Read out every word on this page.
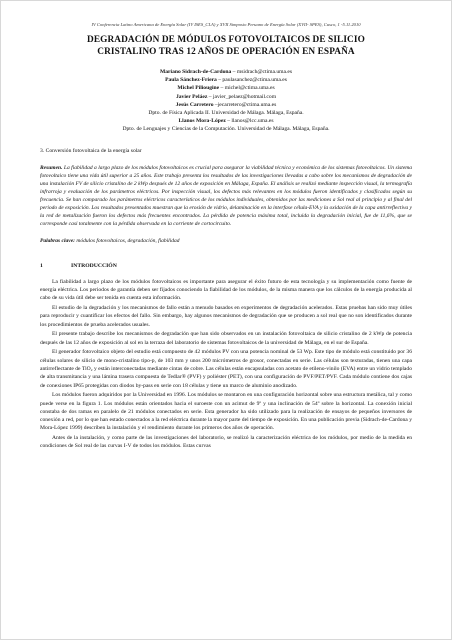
IV Conferencia Latino Americana de Energía Solar (IV ISES_CLA) y XVII Simposio Peruano de Energía Solar (XVII- SPES), Cusco, 1 -5.11.2010
DEGRADACIÓN DE MÓDULOS FOTOVOLTAICOS DE SILICIO
CRISTALINO TRAS 12 AÑOS DE OPERACIÓN EN ESPAÑA
Mariano Sidrach-de-Cardona – msidrach@ctima.uma.es
Paula Sánchez-Friera – paulasanchez@ctima.uma.es
Michel Piliougine – michel@ctima.uma.es
Javier Peláez – javier_pelaez@hotmail.com
Jesús Carretero –jecarretero@ctima.uma.es
Dpto. de Física Aplicada II. Universidad de Málaga. Málaga, España.
Llanos Mora-López – llanos@lcc.uma.es
Dpto. de Lenguajes y Ciencias de la Computación. Universidad de Málaga. Málaga, España.
3. Conversión fotovoltaica de la energía solar
Resumen. La fiabilidad a largo plazo de los módulos fotovoltaicos es crucial para asegurar la viabilidad técnica y económica de los sistemas fotovoltaicos. Un sistema fotovoltaico tiene una vida útil superior a 25 años. Este trabajo presenta los resultados de las investigaciones llevadas a cabo sobre los mecanismos de degradación de una instalación FV de silicio cristalino de 2 kWp después de 12 años de exposición en Málaga, España. El análisis se realizó mediante inspección visual, la termografía infrarroja y evaluación de los parámetros eléctricos. Por inspección visual, los defectos más relevantes en los módulos fueron identificados y clasificados según su frecuencia. Se han comparado los parámetros eléctricos característicos de los módulos individuales, obtenidos por las mediciones a Sol real al principio y al final del periodo de exposición. Los resultados presentados muestran que la erosión de vidrio, delaminación en la interfase célula-EVA y la oxidación de la capa antirreflectiva y la red de metalización fueron los defectos más frecuentes encontrados. La pérdida de potencia máxima total, incluida la degradación inicial, fue de 11,6%, que se corresponde casi totalmente con la pérdida observada en la corriente de cortocircuito.
Palabras clave: módulos fotovoltaicos, degradación, fiabilidad
1	INTRODUCCIÓN

La fiabilidad a largo plazo de los módulos fotovoltaicos es importante para asegurar el éxito futuro de esta tecnología y su implementación como fuente de energía eléctrica. Los periodos de garantía deben ser fijados conociendo la fiabilidad de los módulos, de la misma manera que los cálculos de la energía producida al cabo de su vida útil debe ser tenida en cuenta esta información.

El estudio de la degradación y los mecanismos de fallo están a menudo basados en experimentos de degradación acelerados. Estas pruebas han sido muy útiles para reproducir y cuantificar los efectos del fallo. Sin embargo, hay algunos mecanismos de degradación que se producen a sol real que no son identificados durante los procedimientos de prueba acelerados usuales.

El presente trabajo describe los mecanismos de degradación que han sido observados en un instalación fotovoltaica de silicio cristalino de 2 kWp de potencia después de las 12 años de exposición al sol en la terraza del laboratorio de sistemas fotovoltaicos de la universidad de Málaga, en el sur de España.

El generador fotovoltaico objeto del estudio está compuesto de 42 módulos PV con una potencia nominal de 53 Wp. Este tipo de módulo está constituido por 36 células solares de silicio de mono-cristalino tipo-p, de 103 mm y unos 200 micrómetros de grosor, conectadas en serie. Las células son texturadas, tienen una capa antirreflectante de TiO₂ y están interconectadas mediante cintas de cobre. Las células están encapsuladas con acetato de etileno-vinilo (EVA) entre un vidrio templado de alta transmitancia y una lámina trasera compuesta de Tedlar® (PVF) y poliéster (PET), con una configuración de PVF/PET/PVF. Cada módulo contiene dos cajas de conexiones IP65 protegidas con diodos by-pass en serie con 18 células y tiene un marco de aluminio anodizado.

Los módulos fueron adquiridos por la Universidad en 1996. Los módulos se montaron en una configuración horizontal sobre una estructura metálica, tal y como puede verse en la figura 1. Los módulos están orientados hacia el suroeste con un acimut de 9º y una inclinación de 54º sobre la horizontal. La conexión inicial constaba de dos ramas en paralelo de 21 módulos conectados en serie. Esta generador ha sido utilizado para la realización de ensayos de pequeños inversores de conexión a red, por lo que han estado conectados a la red eléctrica durante la mayor parte del tiempo de exposición. En una publicación previa (Sidrach-de-Cardona y Mora-López 1999) describen la instalación y el rendimiento durante los primeros dos años de operación.

Antes de la instalación, y como parte de las investigaciones del laboratorio, se realizó la caracterización eléctrica de los módulos, por medio de la medida en condiciones de Sol real de las curvas I-V de todos los módulos. Estas curvas
